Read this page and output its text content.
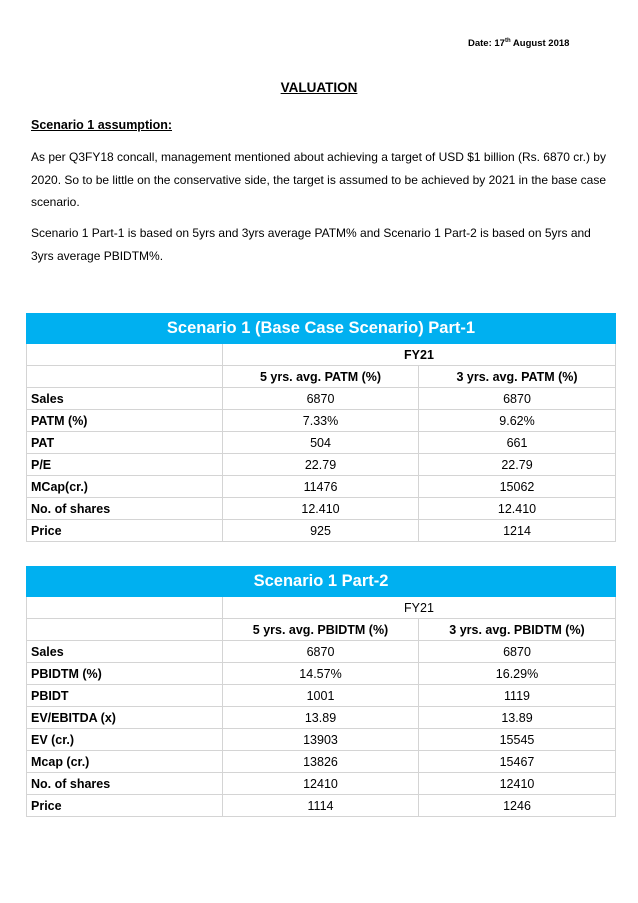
Date: 17th August 2018
VALUATION
Scenario 1 assumption:
As per Q3FY18 concall, management mentioned about achieving a target of USD $1 billion (Rs. 6870 cr.) by 2020. So to be little on the conservative side, the target is assumed to be achieved by 2021 in the base case scenario.
Scenario 1 Part-1 is based on 5yrs and 3yrs average PATM% and Scenario 1 Part-2 is based on 5yrs and 3yrs average PBIDTM%.
Scenario 1 (Base Case Scenario) Part-1		
	FY21	
	5 yrs. avg. PATM (%)	3 yrs. avg. PATM (%)
Sales	6870	6870
PATM (%)	7.33%	9.62%
PAT	504	661
P/E	22.79	22.79
MCap(cr.)	11476	15062
No. of shares	12.410	12.410
Price	925	1214
Scenario 1 Part-2		
	FY21	
	5 yrs. avg. PBIDTM (%)	3 yrs. avg. PBIDTM (%)
Sales	6870	6870
PBIDTM (%)	14.57%	16.29%
PBIDT	1001	1119
EV/EBITDA (x)	13.89	13.89
EV (cr.)	13903	15545
Mcap (cr.)	13826	15467
No. of shares	12410	12410
Price	1114	1246
